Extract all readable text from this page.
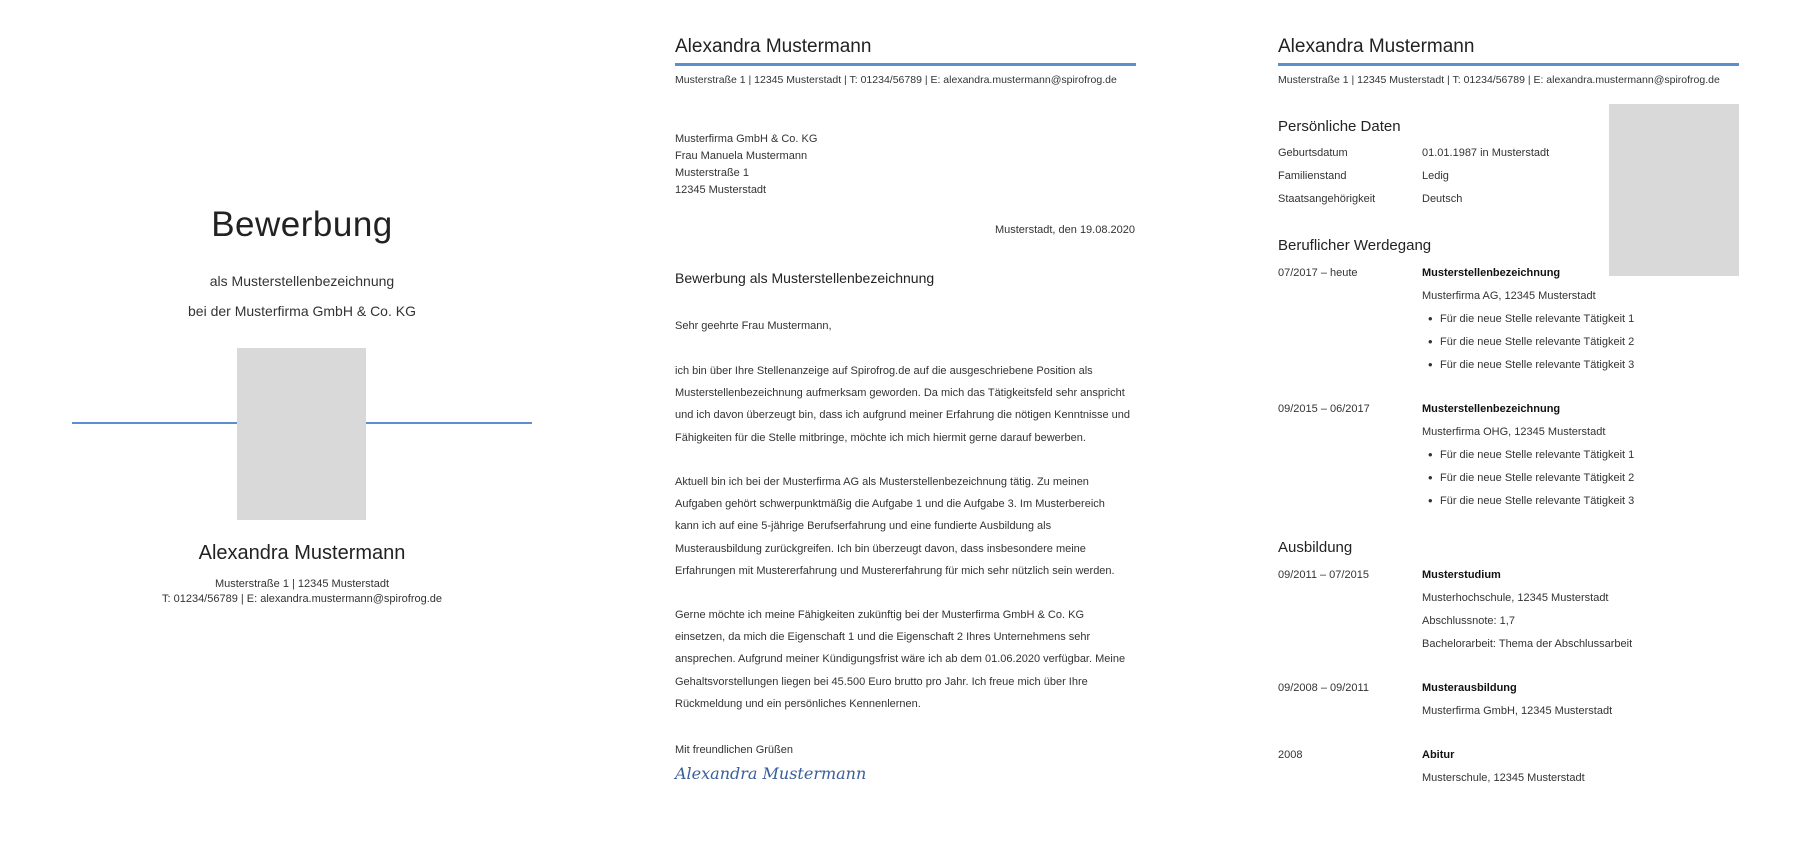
Bewerbung
als Musterstellenbezeichnung
bei der Musterfirma GmbH & Co. KG
Alexandra Mustermann
Musterstraße 1 | 12345 Musterstadt
T: 01234/56789 | E: alexandra.mustermann@spirofrog.de
Alexandra Mustermann
Musterstraße 1 | 12345 Musterstadt | T: 01234/56789 | E: alexandra.mustermann@spirofrog.de
Musterfirma GmbH & Co. KG
Frau Manuela Mustermann
Musterstraße 1
12345 Musterstadt
Musterstadt, den 19.08.2020
Bewerbung als Musterstellenbezeichnung
Sehr geehrte Frau Mustermann,

ich bin über Ihre Stellenanzeige auf Spirofrog.de auf die ausgeschriebene Position als

Musterstellenbezeichnung aufmerksam geworden. Da mich das Tätigkeitsfeld sehr anspricht

und ich davon überzeugt bin, dass ich aufgrund meiner Erfahrung die nötigen Kenntnisse und

Fähigkeiten für die Stelle mitbringe, möchte ich mich hiermit gerne darauf bewerben.

Aktuell bin ich bei der Musterfirma AG als Musterstellenbezeichnung tätig. Zu meinen

Aufgaben gehört schwerpunktmäßig die Aufgabe 1 und die Aufgabe 3. Im Musterbereich

kann ich auf eine 5-jährige Berufserfahrung und eine fundierte Ausbildung als

Musterausbildung zurückgreifen. Ich bin überzeugt davon, dass insbesondere meine

Erfahrungen mit Mustererfahrung und Mustererfahrung für mich sehr nützlich sein werden.

Gerne möchte ich meine Fähigkeiten zukünftig bei der Musterfirma GmbH & Co. KG

einsetzen, da mich die Eigenschaft 1 und die Eigenschaft 2 Ihres Unternehmens sehr

ansprechen. Aufgrund meiner Kündigungsfrist wäre ich ab dem 01.06.2020 verfügbar. Meine

Gehaltsvorstellungen liegen bei 45.500 Euro brutto pro Jahr. Ich freue mich über Ihre

Rückmeldung und ein persönliches Kennenlernen.

Mit freundlichen Grüßen
Alexandra Mustermann
Alexandra Mustermann
Musterstraße 1 | 12345 Musterstadt | T: 01234/56789 | E: alexandra.mustermann@spirofrog.de
Persönliche Daten
Geburtsdatum	01.01.1987 in Musterstadt
Familienstand	Ledig
Staatsangehörigkeit	Deutsch
Beruflicher Werdegang
07/2017 – heute	Musterstellenbezeichnung
Musterfirma AG, 12345 Musterstadt
• Für die neue Stelle relevante Tätigkeit 1
• Für die neue Stelle relevante Tätigkeit 2
• Für die neue Stelle relevante Tätigkeit 3
09/2015 – 06/2017	Musterstellenbezeichnung
Musterfirma OHG, 12345 Musterstadt
• Für die neue Stelle relevante Tätigkeit 1
• Für die neue Stelle relevante Tätigkeit 2
• Für die neue Stelle relevante Tätigkeit 3
Ausbildung
09/2011 – 07/2015	Musterstudium
Musterhochschule, 12345 Musterstadt
Abschlussnote: 1,7
Bachelorarbeit: Thema der Abschlussarbeit
09/2008 – 09/2011	Musterausbildung
Musterfirma GmbH, 12345 Musterstadt
2008	Abitur
Musterschule, 12345 Musterstadt
